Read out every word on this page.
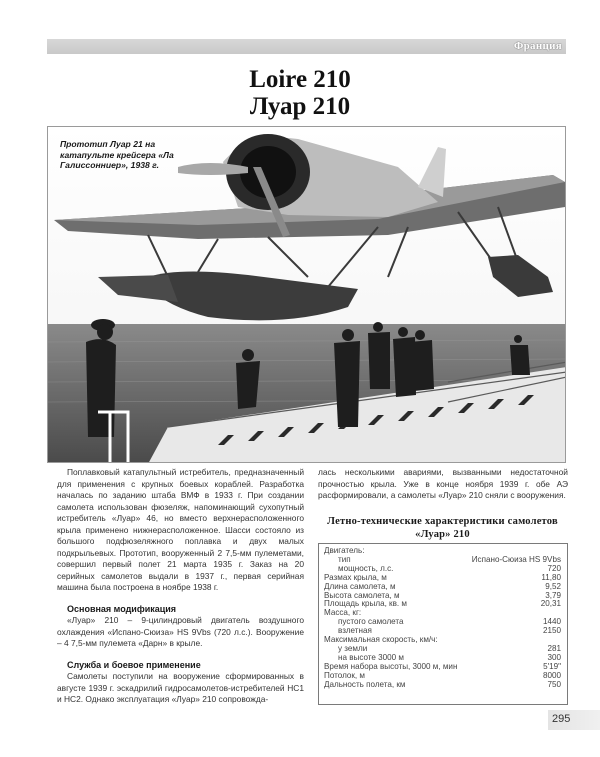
Франция
Loire 210
Луар 210
Прототип Луар 21 на катапульте крейсера «Ла Галиссонниер», 1938 г.

Поплавковый катапультный истребитель, предназначенный для применения с крупных боевых кораблей. Разработка началась по заданию штаба ВМФ в 1933 г. При создании самолета использован фюзеляж, напоминающий сухопутный истребитель «Луар» 46, но вместо верхнерасположенного крыла применено нижнерасположенное. Шасси состояло из большого подфюзеляжного поплавка и двух малых подкрыльевых. Прототип, вооруженный 2 7,5-мм пулеметами, совершил первый полет 21 марта 1935 г. Заказ на 20 серийных самолетов выдали в 1937 г., первая серийная машина была построена в ноябре 1938 г.

Основная модификация

«Луар» 210 – 9-цилиндровый двигатель воздушного охлаждения «Испано-Сюиза» HS 9Vbs (720 л.с.). Вооружение – 4 7,5-мм пулемета «Дарн» в крыле.

Служба и боевое применение

Самолеты поступили на вооружение сформированных в августе 1939 г. эскадрилий гидросамолетов-истребителей НС1 и НС2. Однако эксплуатация «Луар» 210 сопровожда-

лась несколькими авариями, вызванными недостаточной прочностью крыла. Уже в конце ноября 1939 г. обе АЭ расформировали, а самолеты «Луар» 210 сняли с вооружения.

Летно-технические характеристики самолетов
«Луар» 210
Двигатель:
тип	Испано-Сюиза HS 9Vbs
мощность, л.с.	720
Размах крыла, м	11,80
Длина самолета, м	9,52
Высота самолета, м	3,79
Площадь крыла, кв. м	20,31
Масса, кг:
пустого самолета	1440
взлетная	2150
Максимальная скорость, км/ч:
у земли	281
на высоте 3000 м	300
Время набора высоты, 3000 м, мин	5'19"
Потолок, м	8000
Дальность полета, км	750
295
